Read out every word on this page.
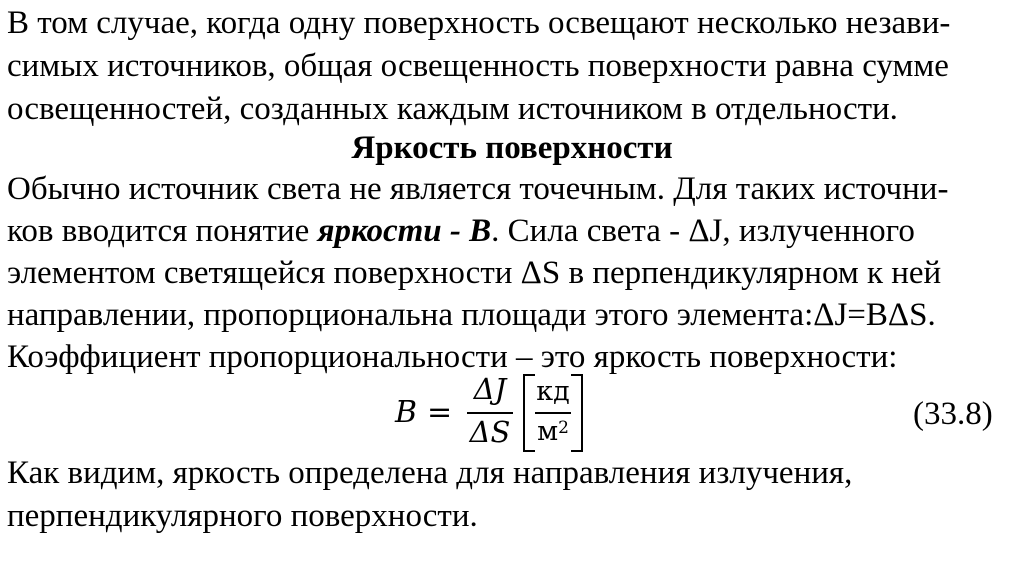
В том случае, когда одну поверхность освещают несколько незави-
симых источников, общая освещенность поверхности равна сумме
освещенностей, созданных каждым источником в отдельности.
Яркость поверхности
Обычно источник света не является точечным. Для таких источни-
ков вводится понятие яркости - B. Сила света - ΔJ, излученного
элементом светящейся поверхности ΔS в перпендикулярном к ней
направлении, пропорциональна площади этого элемента:ΔJ=BΔS.
Коэффициент пропорциональности – это яркость поверхности:
B =
ΔJ
ΔS
кд
$м^2$	(33.8)
Как видим, яркость определена для направления излучения,
перпендикулярного поверхности.
